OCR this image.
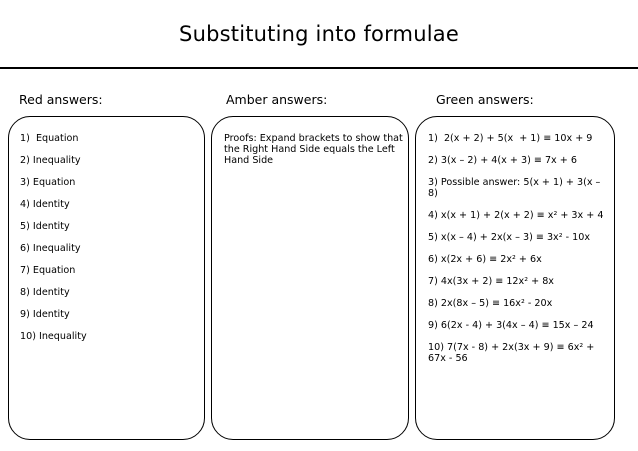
Substituting into formulae
Red answers:	Amber answers:	Green answers:
1)  Equation
2) Inequality
3) Equation
4) Identity
5) Identity
6) Inequality
7) Equation
8) Identity
9) Identity
10) Inequality
Proofs: Expand brackets to show that the Right Hand Side equals the Left Hand Side
1)  2(x + 2) + 5(x  + 1) ≡ 10x + 9
2) 3(x – 2) + 4(x + 3) ≡ 7x + 6
3) Possible answer: 5(x + 1) + 3(x – 8)
4) x(x + 1) + 2(x + 2) ≡ x² + 3x + 4
5) x(x – 4) + 2x(x – 3) ≡ 3x² - 10x
6) x(2x + 6) ≡ 2x² + 6x
7) 4x(3x + 2) ≡ 12x² + 8x
8) 2x(8x – 5) ≡ 16x² - 20x
9) 6(2x - 4) + 3(4x – 4) ≡ 15x – 24
10) 7(7x - 8) + 2x(3x + 9) ≡ 6x² + 67x - 56
